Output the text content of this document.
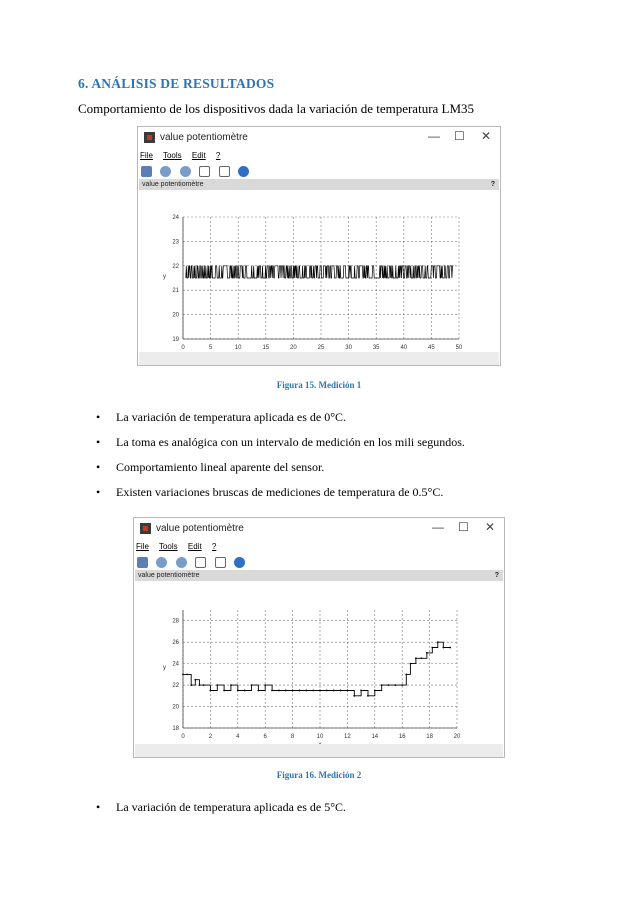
6. ANÁLISIS DE RESULTADOS
Comportamiento de los dispositivos dada la variación de temperatura LM35
value potentiomètre	— ☐ ✕
File Tools Edit ?

value potentiomètre	?
0	5	10	15	20	25	30	35	40	45	50
19
20
21
22
23
24
y
Figura 15. Medición 1
• La variación de temperatura aplicada es de 0°C.
• La toma es analógica con un intervalo de medición en los mili segundos.
• Comportamiento lineal aparente del sensor.
• Existen variaciones bruscas de mediciones de temperatura de 0.5°C.
value potentiomètre	— ☐ ✕
File Tools Edit ?

value potentiomètre	?
0	2	4	6	8	10	12	14	16	18	20
18
20
22
24
26
28
y
Figura 16. Medición 2
• La variación de temperatura aplicada es de 5°C.
